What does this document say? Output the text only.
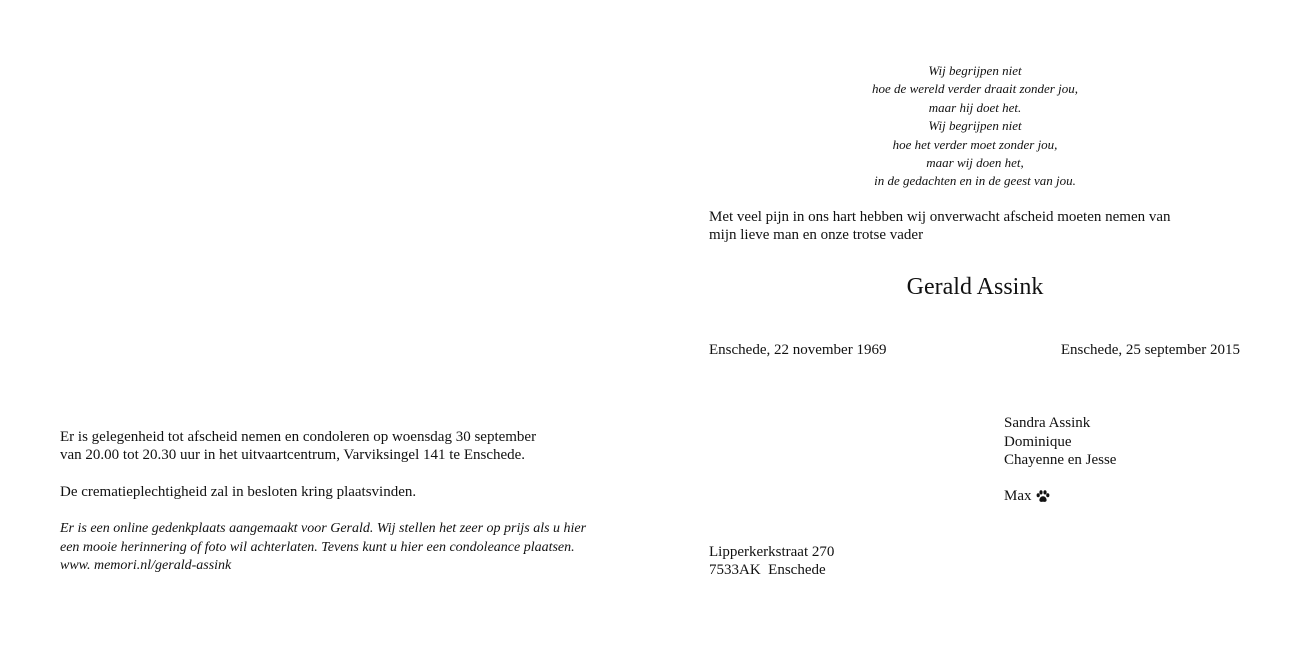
Er is gelegenheid tot afscheid nemen en condoleren op woensdag 30 september
van 20.00 tot 20.30 uur in het uitvaartcentrum, Varviksingel 141 te Enschede.
De crematieplechtigheid zal in besloten kring plaatsvinden.
Er is een online gedenkplaats aangemaakt voor Gerald. Wij stellen het zeer op prijs als u hier
een mooie herinnering of foto wil achterlaten. Tevens kunt u hier een condoleance plaatsen.
www. memori.nl/gerald-assink
Wij begrijpen niet
hoe de wereld verder draait zonder jou,
maar hij doet het.
Wij begrijpen niet
hoe het verder moet zonder jou,
maar wij doen het,
in de gedachten en in de geest van jou.
Met veel pijn in ons hart hebben wij onverwacht afscheid moeten nemen van
mijn lieve man en onze trotse vader
Gerald Assink
Enschede, 22 november 1969	Enschede, 25 september 2015
Sandra Assink
Dominique
Chayenne en Jesse
Max
Lipperkerkstraat 270
7533AK  Enschede
